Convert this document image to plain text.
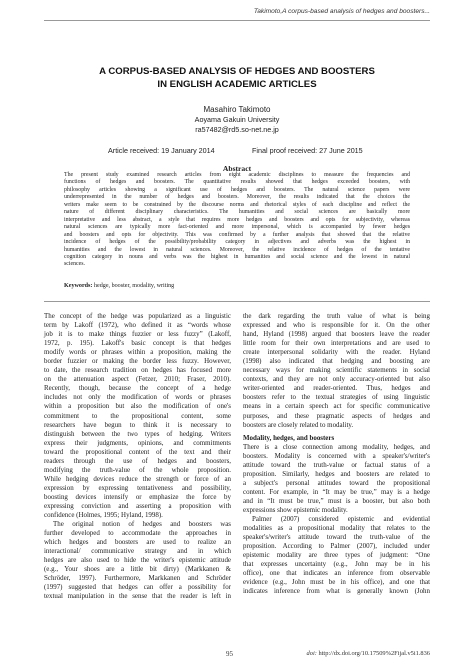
Takimoto,A corpus-based analysis of hedges and boosters...
A CORPUS-BASED ANALYSIS OF HEDGES AND BOOSTERS
IN ENGLISH ACADEMIC ARTICLES
Masahiro Takimoto
Aoyama Gakuin University
ra57482@rd5.so-net.ne.jp
Article received: 19 January 2014	Final proof received: 27 June 2015
Abstract
The present study examined research articles from eight academic disciplines to measure the frequencies and
functions of hedges and boosters. The quantitative results showed that hedges exceeded boosters, with
philosophy articles showing a significant use of hedges and boosters. The natural science papers were
underrepresented in the number of hedges and boosters. Moreover, the results indicated that the choices the
writers make seem to be constrained by the discourse norms and rhetorical styles of each discipline and reflect the
nature of different disciplinary characteristics. The humanities and social sciences are basically more
interpretative and less abstract, a style that requires more hedges and boosters and opts for subjectivity, whereas
natural sciences are typically more fact-oriented and more impersonal, which is accompanied by fewer hedges
and boosters and opts for objectivity. This was confirmed by a further analysis that showed that the relative
incidence of hedges of the possibility/probability category in adjectives and adverbs was the highest in
humanities and the lowest in natural sciences. Moreover, the relative incidence of hedges of the tentative
cognition category in nouns and verbs was the highest in humanities and social science and the lowest in natural
sciences.
Keywords: hedge, booster, modality, writing
The concept of the hedge was popularized as a linguistic
term by Lakoff (1972), who defined it as “words whose
job it is to make things fuzzier or less fuzzy” (Lakoff,
1972, p. 195). Lakoff's basic concept is that hedges
modify words or phrases within a proposition, making the
border fuzzier or making the border less fuzzy. However,
to date, the research tradition on hedges has focused more
on the attenuation aspect (Fetzer, 2010; Fraser, 2010).
Recently, though, because the concept of a hedge
includes not only the modification of words or phrases
within a proposition but also the modification of one's
commitment to the propositional content, some
researchers have begun to think it is necessary to
distinguish between the two types of hedging. Writers
express their judgments, opinions, and commitments
toward the propositional content of the text and their
readers through the use of hedges and boosters,
modifying the truth-value of the whole proposition.
While hedging devices reduce the strength or force of an
expression by expressing tentativeness and possibility,
boosting devices intensify or emphasize the force by
expressing conviction and asserting a proposition with
confidence (Holmes, 1995; Hyland, 1998).
The original notion of hedges and boosters was
further developed to accommodate the approaches in
which hedges and boosters are used to realize an
interactional/ communicative strategy and in which
hedges are also used to hide the writer's epistemic attitude
(e.g., Your shoes are a little bit dirty) (Markkanen &
Schröder, 1997). Furthermore, Markkanen and Schröder
(1997) suggested that hedges can offer a possibility for
textual manipulation in the sense that the reader is left in
the dark regarding the truth value of what is being
expressed and who is responsible for it. On the other
hand, Hyland (1998) argued that boosters leave the reader
little room for their own interpretations and are used to
create interpersonal solidarity with the reader. Hyland
(1998) also indicated that hedging and boosting are
necessary ways for making scientific statements in social
contexts, and they are not only accuracy-oriented but also
writer-oriented and reader-oriented. Thus, hedges and
boosters refer to the textual strategies of using linguistic
means in a certain speech act for specific communicative
purposes, and these pragmatic aspects of hedges and
boosters are closely related to modality.
Modality, hedges, and boosters
There is a close connection among modality, hedges, and
boosters. Modality is concerned with a speaker's/writer's
attitude toward the truth-value or factual status of a
proposition. Similarly, hedges and boosters are related to
a subject's personal attitudes toward the propositional
content. For example, in “It may be true,” may is a hedge
and in “It must be true,” must is a booster, but also both
expressions show epistemic modality.
Palmer (2007) considered epistemic and evidential
modalities as a propositional modality that relates to the
speaker's/writer's attitude toward the truth-value of the
proposition. According to Palmer (2007), included under
epistemic modality are three types of judgment: “One
that expresses uncertainty (e.g., John may be in his
office), one that indicates an inference from observable
evidence (e.g., John must be in his office), and one that
indicates inference from what is generally known (John
95	doi: http://dx.doi.org/10.17509%2Fijal.v5i1.836
